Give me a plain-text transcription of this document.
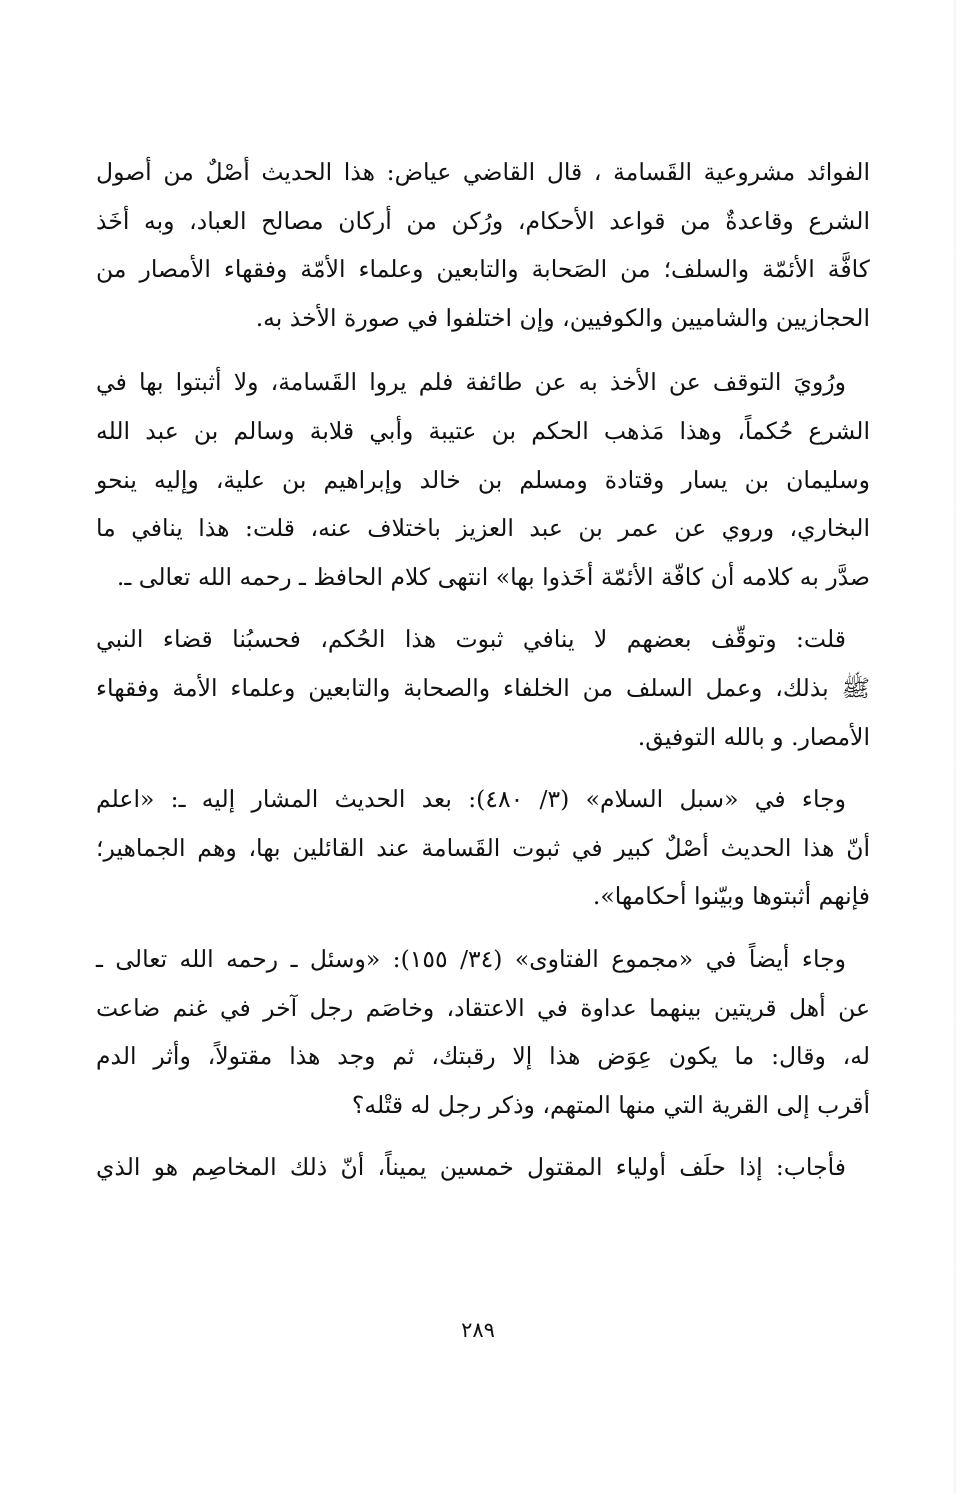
الفوائد مشروعية القَسامة ، قال القاضي عياض: هذا الحديث أصْلٌ من أصول
الشرع وقاعدةٌ من قواعد الأحكام، ورُكن من أركان مصالح العباد، وبه أخَذ
كافَّة الأئمّة والسلف؛ من الصَحابة والتابعين وعلماء الأمّة وفقهاء الأمصار من
الحجازيين والشاميين والكوفيين، وإن اختلفوا في صورة الأخذ به.
ورُويَ التوقف عن الأخذ به عن طائفة فلم يروا القَسامة، ولا أثبتوا بها في
الشرع حُكماً، وهذا مَذهب الحكم بن عتيبة وأبي قلابة وسالم بن عبد الله
وسليمان بن يسار وقتادة ومسلم بن خالد وإبراهيم بن علية، وإليه ينحو
البخاري، وروي عن عمر بن عبد العزيز باختلاف عنه، قلت: هذا ينافي ما
صدَّر به كلامه أن كافّة الأئمّة أخَذوا بها» انتهى كلام الحافظ ـ رحمه الله تعالى ـ.
قلت: وتوقّف بعضهم لا ينافي ثبوت هذا الحُكم، فحسبُنا قضاء النبي
ﷺ بذلك، وعمل السلف من الخلفاء والصحابة والتابعين وعلماء الأمة وفقهاء
الأمصار. و بالله التوفيق.
وجاء في «سبل السلام» (٣/ ٤٨٠): بعد الحديث المشار إليه ـ: «اعلم
أنّ هذا الحديث أصْلٌ كبير في ثبوت القَسامة عند القائلين بها، وهم الجماهير؛
فإنهم أثبتوها وبيّنوا أحكامها».
وجاء أيضاً في «مجموع الفتاوى» (٣٤/ ١٥٥): «وسئل ـ رحمه الله تعالى ـ
عن أهل قريتين بينهما عداوة في الاعتقاد، وخاصَم رجل آخر في غنم ضاعت
له، وقال: ما يكون عِوَض هذا إلا رقبتك، ثم وجد هذا مقتولاً، وأثر الدم
أقرب إلى القرية التي منها المتهم، وذكر رجل له قتْله؟
فأجاب: إذا حلَف أولياء المقتول خمسين يميناً، أنّ ذلك المخاصِم هو الذي
٢٨٩
